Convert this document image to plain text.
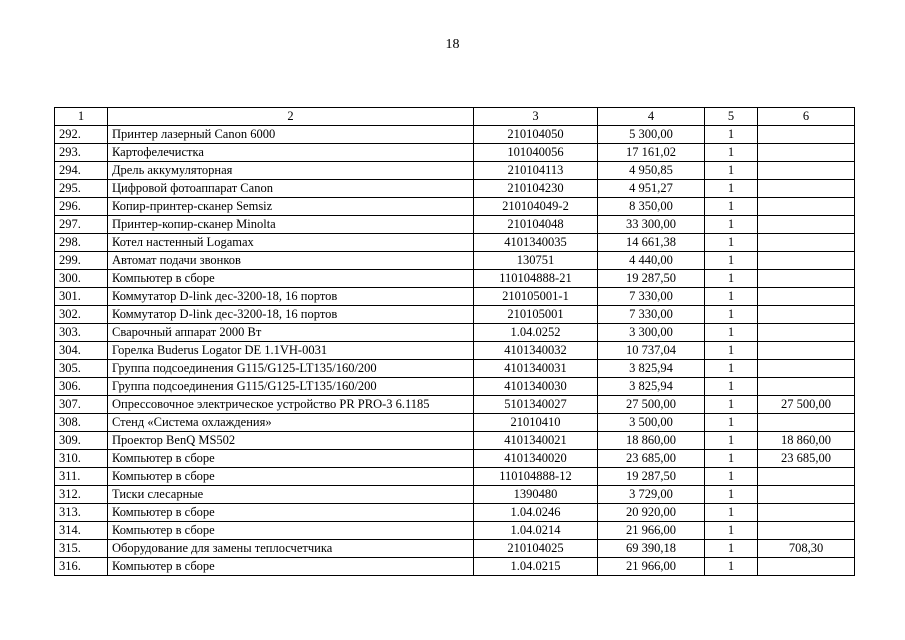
18
1	2	3	4	5	6
292.	Принтер лазерный Canon 6000	210104050	5 300,00	1	
293.	Картофелечистка	101040056	17 161,02	1	
294.	Дрель аккумуляторная	210104113	4 950,85	1	
295.	Цифровой фотоаппарат Canon	210104230	4 951,27	1	
296.	Копир-принтер-сканер Semsiz	210104049-2	8 350,00	1	
297.	Принтер-копир-сканер Minolta	210104048	33 300,00	1	
298.	Котел настенный Logamax	4101340035	14 661,38	1	
299.	Автомат подачи звонков	130751	4 440,00	1	
300.	Компьютер в сборе	110104888-21	19 287,50	1	
301.	Коммутатор D-link дес-3200-18, 16 портов	210105001-1	7 330,00	1	
302.	Коммутатор D-link дес-3200-18, 16 портов	210105001	7 330,00	1	
303.	Сварочный аппарат 2000 Вт	1.04.0252	3 300,00	1	
304.	Горелка Buderus Logator DE 1.1VH-0031	4101340032	10 737,04	1	
305.	Группа подсоединения G115/G125-LT135/160/200	4101340031	3 825,94	1	
306.	Группа подсоединения G115/G125-LT135/160/200	4101340030	3 825,94	1	
307.	Опрессовочное электрическое устройство PR PRO-3 6.1185	5101340027	27 500,00	1	27 500,00
308.	Стенд «Система охлаждения»	21010410	3 500,00	1	
309.	Проектор BenQ MS502	4101340021	18 860,00	1	18 860,00
310.	Компьютер в сборе	4101340020	23 685,00	1	23 685,00
311.	Компьютер в сборе	110104888-12	19 287,50	1	
312.	Тиски слесарные	1390480	3 729,00	1	
313.	Компьютер в сборе	1.04.0246	20 920,00	1	
314.	Компьютер в сборе	1.04.0214	21 966,00	1	
315.	Оборудование для замены теплосчетчика	210104025	69 390,18	1	708,30
316.	Компьютер в сборе	1.04.0215	21 966,00	1	
